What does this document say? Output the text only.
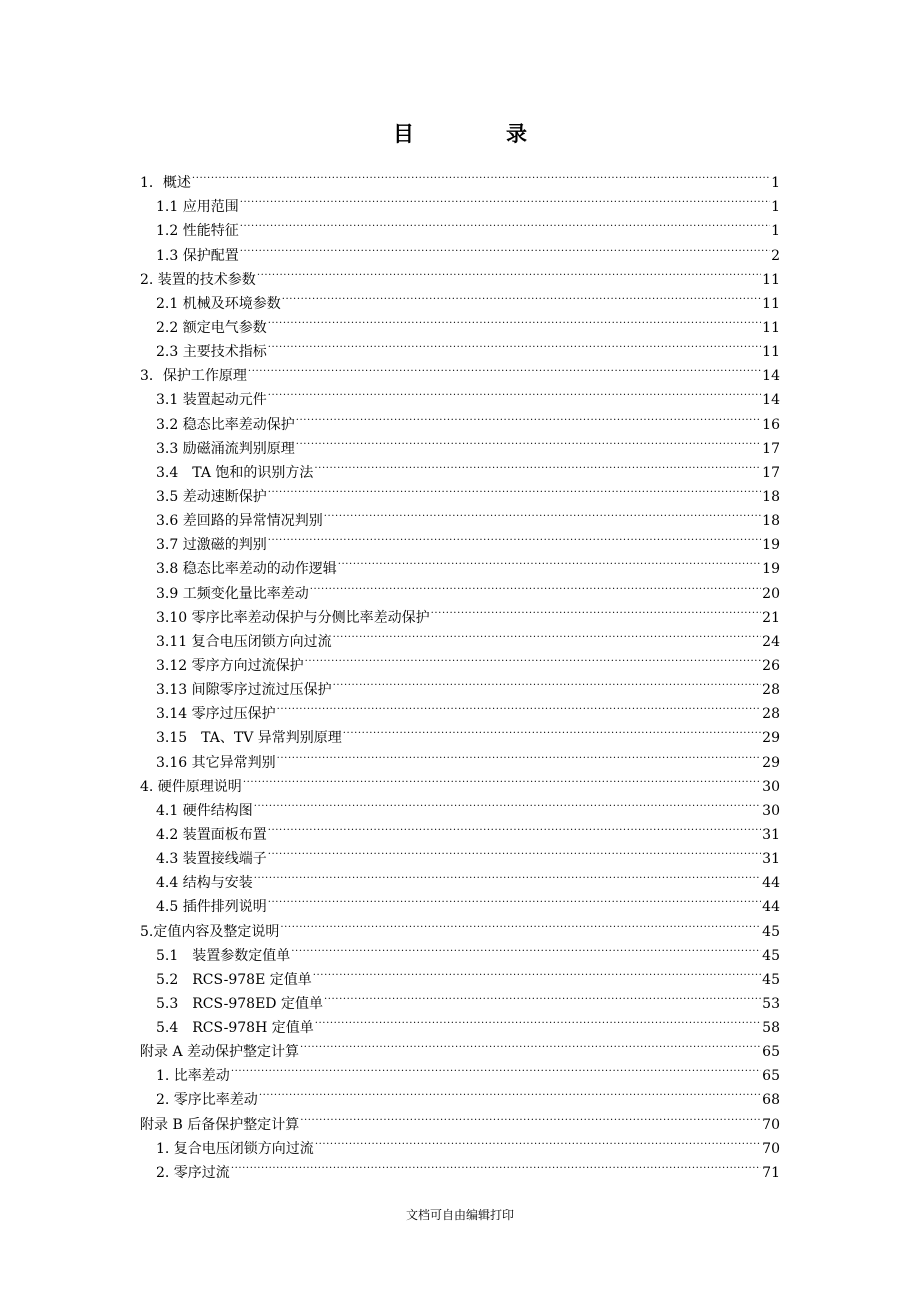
目	录
1．概述 .....	1
1.1 应用范围 .....	1
1.2 性能特征 .....	1
1.3 保护配置 .....	2
2. 装置的技术参数 .....	11
2.1 机械及环境参数 .....	11
2.2 额定电气参数 .....	11
2.3 主要技术指标 .....	11
3．保护工作原理 .....	14
3.1 装置起动元件 .....	14
3.2 稳态比率差动保护 .....	16
3.3 励磁涌流判别原理 .....	17
3.4　TA 饱和的识别方法 .....	17
3.5 差动速断保护 .....	18
3.6 差回路的异常情况判别 .....	18
3.7 过激磁的判别 .....	19
3.8 稳态比率差动的动作逻辑 .....	19
3.9 工频变化量比率差动 .....	20
3.10 零序比率差动保护与分侧比率差动保护 .....	21
3.11 复合电压闭锁方向过流 .....	24
3.12 零序方向过流保护 .....	26
3.13 间隙零序过流过压保护 .....	28
3.14 零序过压保护 .....	28
3.15　TA、TV 异常判别原理 .....	29
3.16 其它异常判别 .....	29
4. 硬件原理说明 .....	30
4.1 硬件结构图 .....	30
4.2 装置面板布置 .....	31
4.3 装置接线端子 .....	31
4.4 结构与安装 .....	44
4.5 插件排列说明 .....	44
5.定值内容及整定说明 .....	45
5.1　装置参数定值单 .....	45
5.2　RCS-978E 定值单 .....	45
5.3　RCS-978ED 定值单 .....	53
5.4　RCS-978H 定值单 .....	58
附录 A 差动保护整定计算 .....	65
1. 比率差动 .....	65
2. 零序比率差动 .....	68
附录 B 后备保护整定计算 .....	70
1. 复合电压闭锁方向过流 .....	70
2. 零序过流 .....	71
文档可自由编辑打印
